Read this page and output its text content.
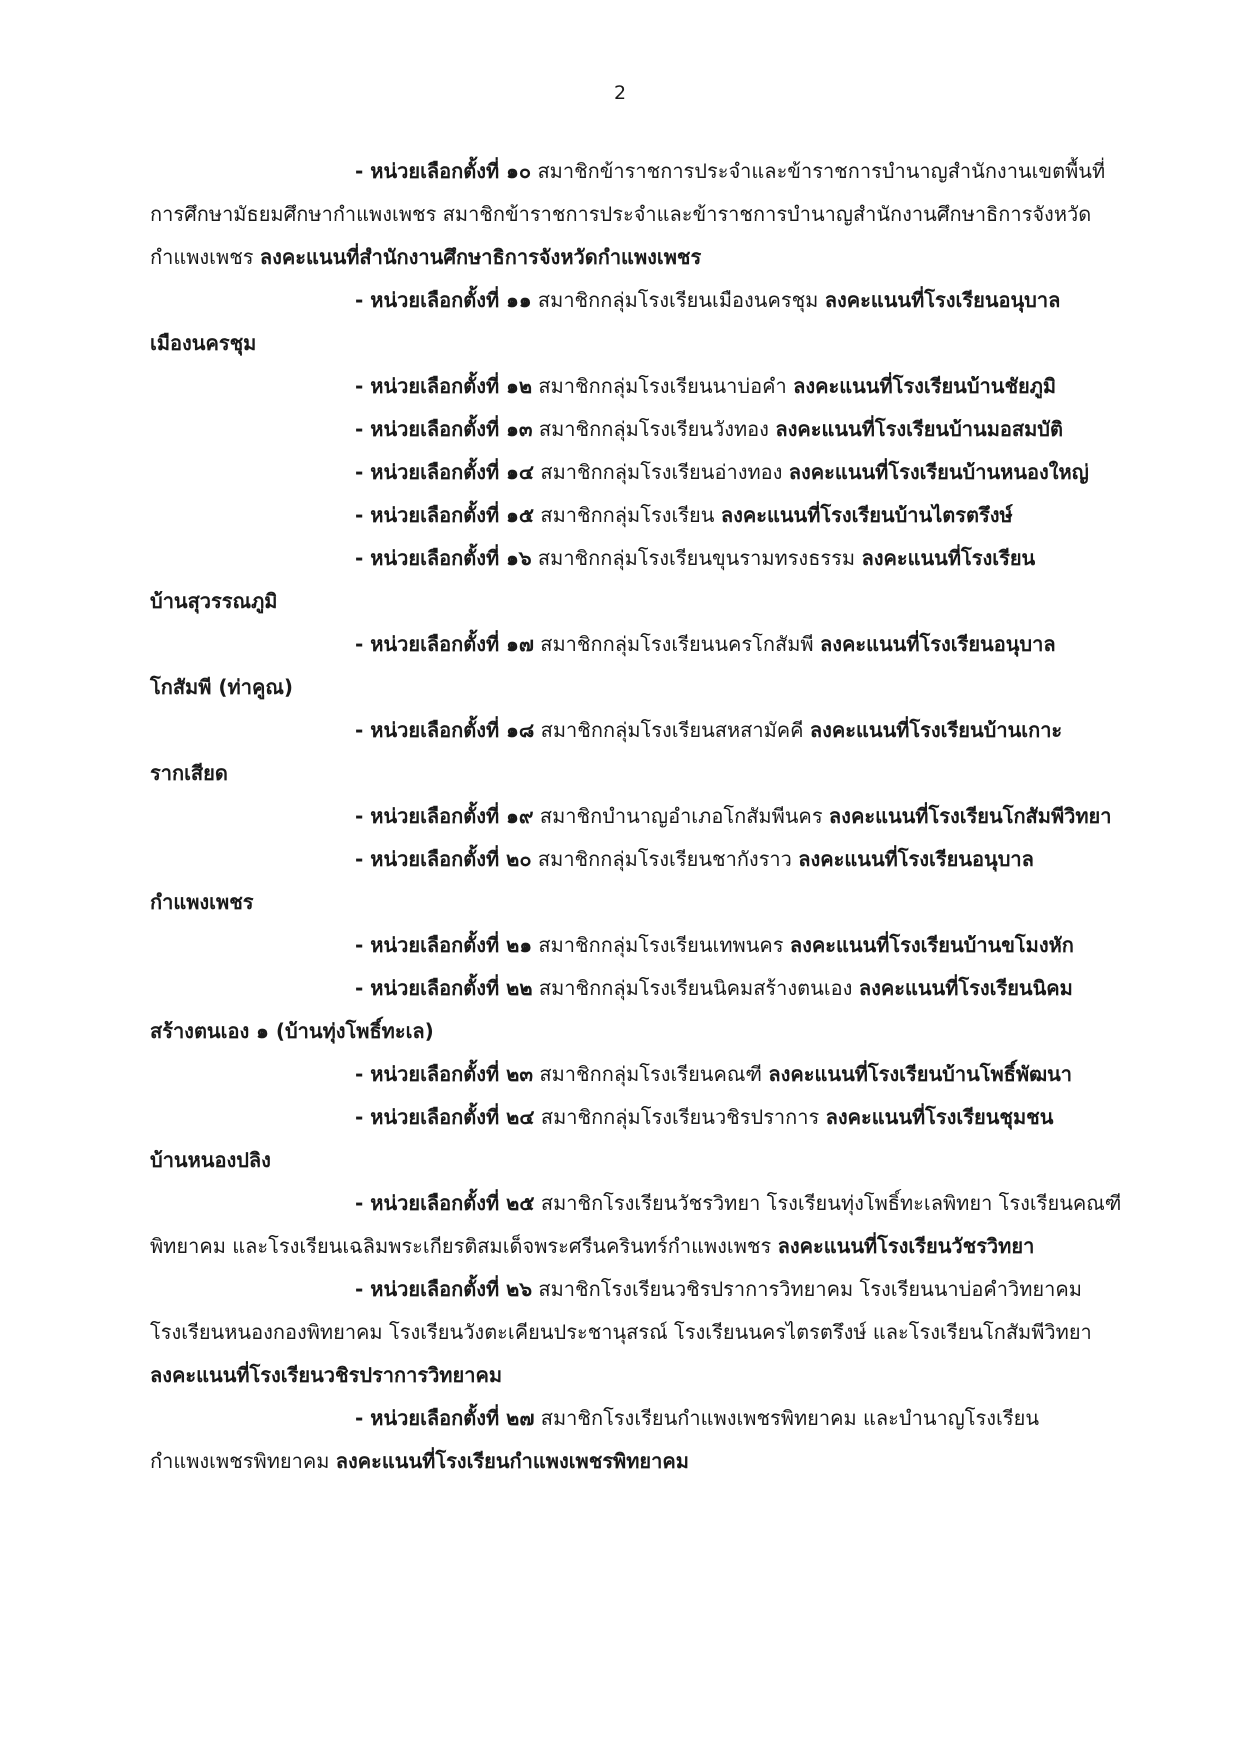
2

- หน่วยเลือกตั้งที่ ๑๐ สมาชิกข้าราชการประจำและข้าราชการบำนาญสำนักงานเขตพื้นที่
การศึกษามัธยมศึกษากำแพงเพชร สมาชิกข้าราชการประจำและข้าราชการบำนาญสำนักงานศึกษาธิการจังหวัด
กำแพงเพชร ลงคะแนนที่สำนักงานศึกษาธิการจังหวัดกำแพงเพชร

- หน่วยเลือกตั้งที่ ๑๑ สมาชิกกลุ่มโรงเรียนเมืองนครชุม ลงคะแนนที่โรงเรียนอนุบาล
เมืองนครชุม

- หน่วยเลือกตั้งที่ ๑๒ สมาชิกกลุ่มโรงเรียนนาบ่อคำ ลงคะแนนที่โรงเรียนบ้านชัยภูมิ

- หน่วยเลือกตั้งที่ ๑๓ สมาชิกกลุ่มโรงเรียนวังทอง ลงคะแนนที่โรงเรียนบ้านมอสมบัติ

- หน่วยเลือกตั้งที่ ๑๔ สมาชิกกลุ่มโรงเรียนอ่างทอง ลงคะแนนที่โรงเรียนบ้านหนองใหญ่

- หน่วยเลือกตั้งที่ ๑๕ สมาชิกกลุ่มโรงเรียน ลงคะแนนที่โรงเรียนบ้านไตรตรึงษ์

- หน่วยเลือกตั้งที่ ๑๖ สมาชิกกลุ่มโรงเรียนขุนรามทรงธรรม ลงคะแนนที่โรงเรียน
บ้านสุวรรณภูมิ

- หน่วยเลือกตั้งที่ ๑๗ สมาชิกกลุ่มโรงเรียนนครโกสัมพี ลงคะแนนที่โรงเรียนอนุบาล
โกสัมพี (ท่าคูณ)

- หน่วยเลือกตั้งที่ ๑๘ สมาชิกกลุ่มโรงเรียนสหสามัคคี ลงคะแนนที่โรงเรียนบ้านเกาะ
รากเสียด

- หน่วยเลือกตั้งที่ ๑๙ สมาชิกบำนาญอำเภอโกสัมพีนคร ลงคะแนนที่โรงเรียนโกสัมพีวิทยา

- หน่วยเลือกตั้งที่ ๒๐ สมาชิกกลุ่มโรงเรียนชากังราว ลงคะแนนที่โรงเรียนอนุบาล
กำแพงเพชร

- หน่วยเลือกตั้งที่ ๒๑ สมาชิกกลุ่มโรงเรียนเทพนคร ลงคะแนนที่โรงเรียนบ้านขโมงหัก

- หน่วยเลือกตั้งที่ ๒๒ สมาชิกกลุ่มโรงเรียนนิคมสร้างตนเอง ลงคะแนนที่โรงเรียนนิคม
สร้างตนเอง ๑ (บ้านทุ่งโพธิ์ทะเล)

- หน่วยเลือกตั้งที่ ๒๓ สมาชิกกลุ่มโรงเรียนคณฑี ลงคะแนนที่โรงเรียนบ้านโพธิ์พัฒนา

- หน่วยเลือกตั้งที่ ๒๔ สมาชิกกลุ่มโรงเรียนวชิรปราการ ลงคะแนนที่โรงเรียนชุมชน
บ้านหนองปลิง

- หน่วยเลือกตั้งที่ ๒๕ สมาชิกโรงเรียนวัชรวิทยา โรงเรียนทุ่งโพธิ์ทะเลพิทยา โรงเรียนคณฑี
พิทยาคม และโรงเรียนเฉลิมพระเกียรติสมเด็จพระศรีนครินทร์กำแพงเพชร ลงคะแนนที่โรงเรียนวัชรวิทยา

- หน่วยเลือกตั้งที่ ๒๖ สมาชิกโรงเรียนวชิรปราการวิทยาคม โรงเรียนนาบ่อคำวิทยาคม
โรงเรียนหนองกองพิทยาคม โรงเรียนวังตะเคียนประชานุสรณ์ โรงเรียนนครไตรตรึงษ์ และโรงเรียนโกสัมพีวิทยา
ลงคะแนนที่โรงเรียนวชิรปราการวิทยาคม

- หน่วยเลือกตั้งที่ ๒๗ สมาชิกโรงเรียนกำแพงเพชรพิทยาคม และบำนาญโรงเรียน
กำแพงเพชรพิทยาคม ลงคะแนนที่โรงเรียนกำแพงเพชรพิทยาคม
